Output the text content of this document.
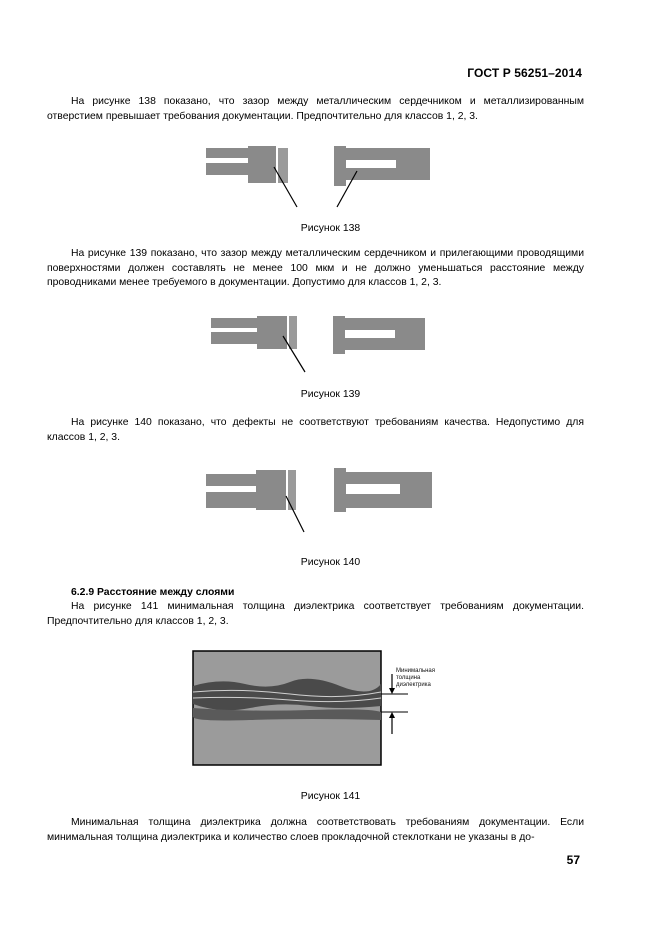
ГОСТ Р 56251–2014
На рисунке 138 показано, что зазор между металлическим сердечником и металлизированным отверстием превышает требования документации. Предпочтительно для классов 1, 2, 3.
Рисунок 138
На рисунке 139 показано, что зазор между металлическим сердечником и прилегающими проводящими поверхностями должен составлять не менее 100 мкм и не должно уменьшаться расстояние между проводниками менее требуемого в документации. Допустимо для классов 1, 2, 3.
Рисунок 139
На рисунке 140 показано, что дефекты не соответствуют требованиям качества. Недопустимо для классов 1, 2, 3.
Рисунок 140
6.2.9 Расстояние между слоями
На рисунке 141 минимальная толщина диэлектрика соответствует требованиям документации. Предпочтительно для классов 1, 2, 3.
Минимальная
толщина
диэлектрика
Рисунок 141
Минимальная толщина диэлектрика должна соответствовать требованиям документации. Если минимальная толщина диэлектрика и количество слоев прокладочной стеклоткани не указаны в до-
57
